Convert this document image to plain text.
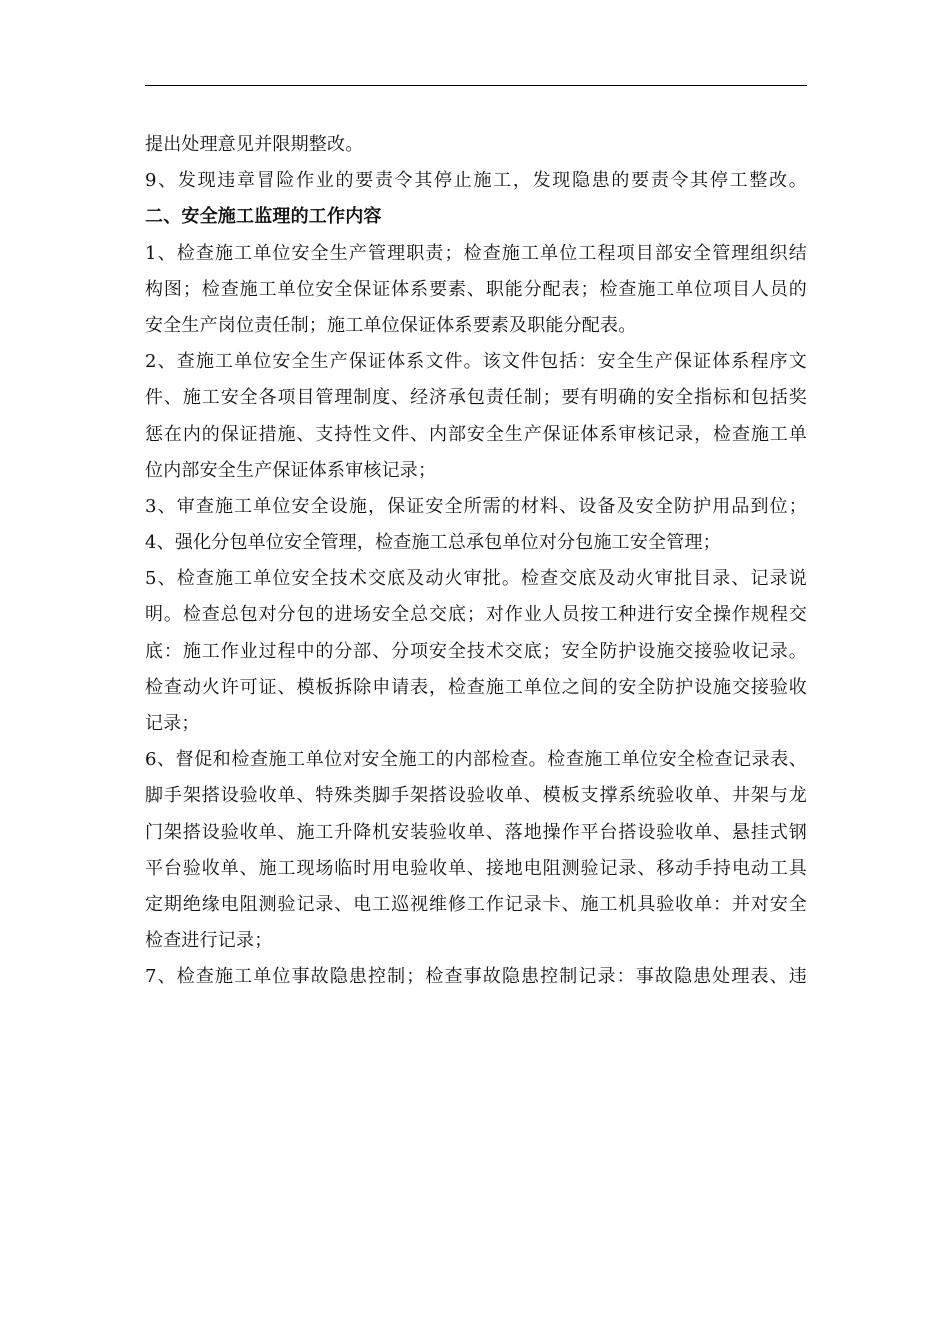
提出处理意见并限期整改。
9、发现违章冒险作业的要责令其停止施工，发现隐患的要责令其停工整改。
二、安全施工监理的工作内容
1、检查施工单位安全生产管理职责；检查施工单位工程项目部安全管理组织结
构图；检查施工单位安全保证体系要素、职能分配表；检查施工单位项目人员的
安全生产岗位责任制；施工单位保证体系要素及职能分配表。
2、查施工单位安全生产保证体系文件。该文件包括：安全生产保证体系程序文
件、施工安全各项目管理制度、经济承包责任制；要有明确的安全指标和包括奖
惩在内的保证措施、支持性文件、内部安全生产保证体系审核记录，检查施工单
位内部安全生产保证体系审核记录；
3、审查施工单位安全设施，保证安全所需的材料、设备及安全防护用品到位；
4、强化分包单位安全管理，检查施工总承包单位对分包施工安全管理；
5、检查施工单位安全技术交底及动火审批。检查交底及动火审批目录、记录说
明。检查总包对分包的进场安全总交底；对作业人员按工种进行安全操作规程交
底：施工作业过程中的分部、分项安全技术交底；安全防护设施交接验收记录。
检查动火许可证、模板拆除申请表，检查施工单位之间的安全防护设施交接验收
记录；
6、督促和检查施工单位对安全施工的内部检查。检查施工单位安全检查记录表、
脚手架搭设验收单、特殊类脚手架搭设验收单、模板支撑系统验收单、井架与龙
门架搭设验收单、施工升降机安装验收单、落地操作平台搭设验收单、悬挂式钢
平台验收单、施工现场临时用电验收单、接地电阻测验记录、移动手持电动工具
定期绝缘电阻测验记录、电工巡视维修工作记录卡、施工机具验收单：并对安全
检查进行记录；
7、检查施工单位事故隐患控制；检查事故隐患控制记录：事故隐患处理表、违
